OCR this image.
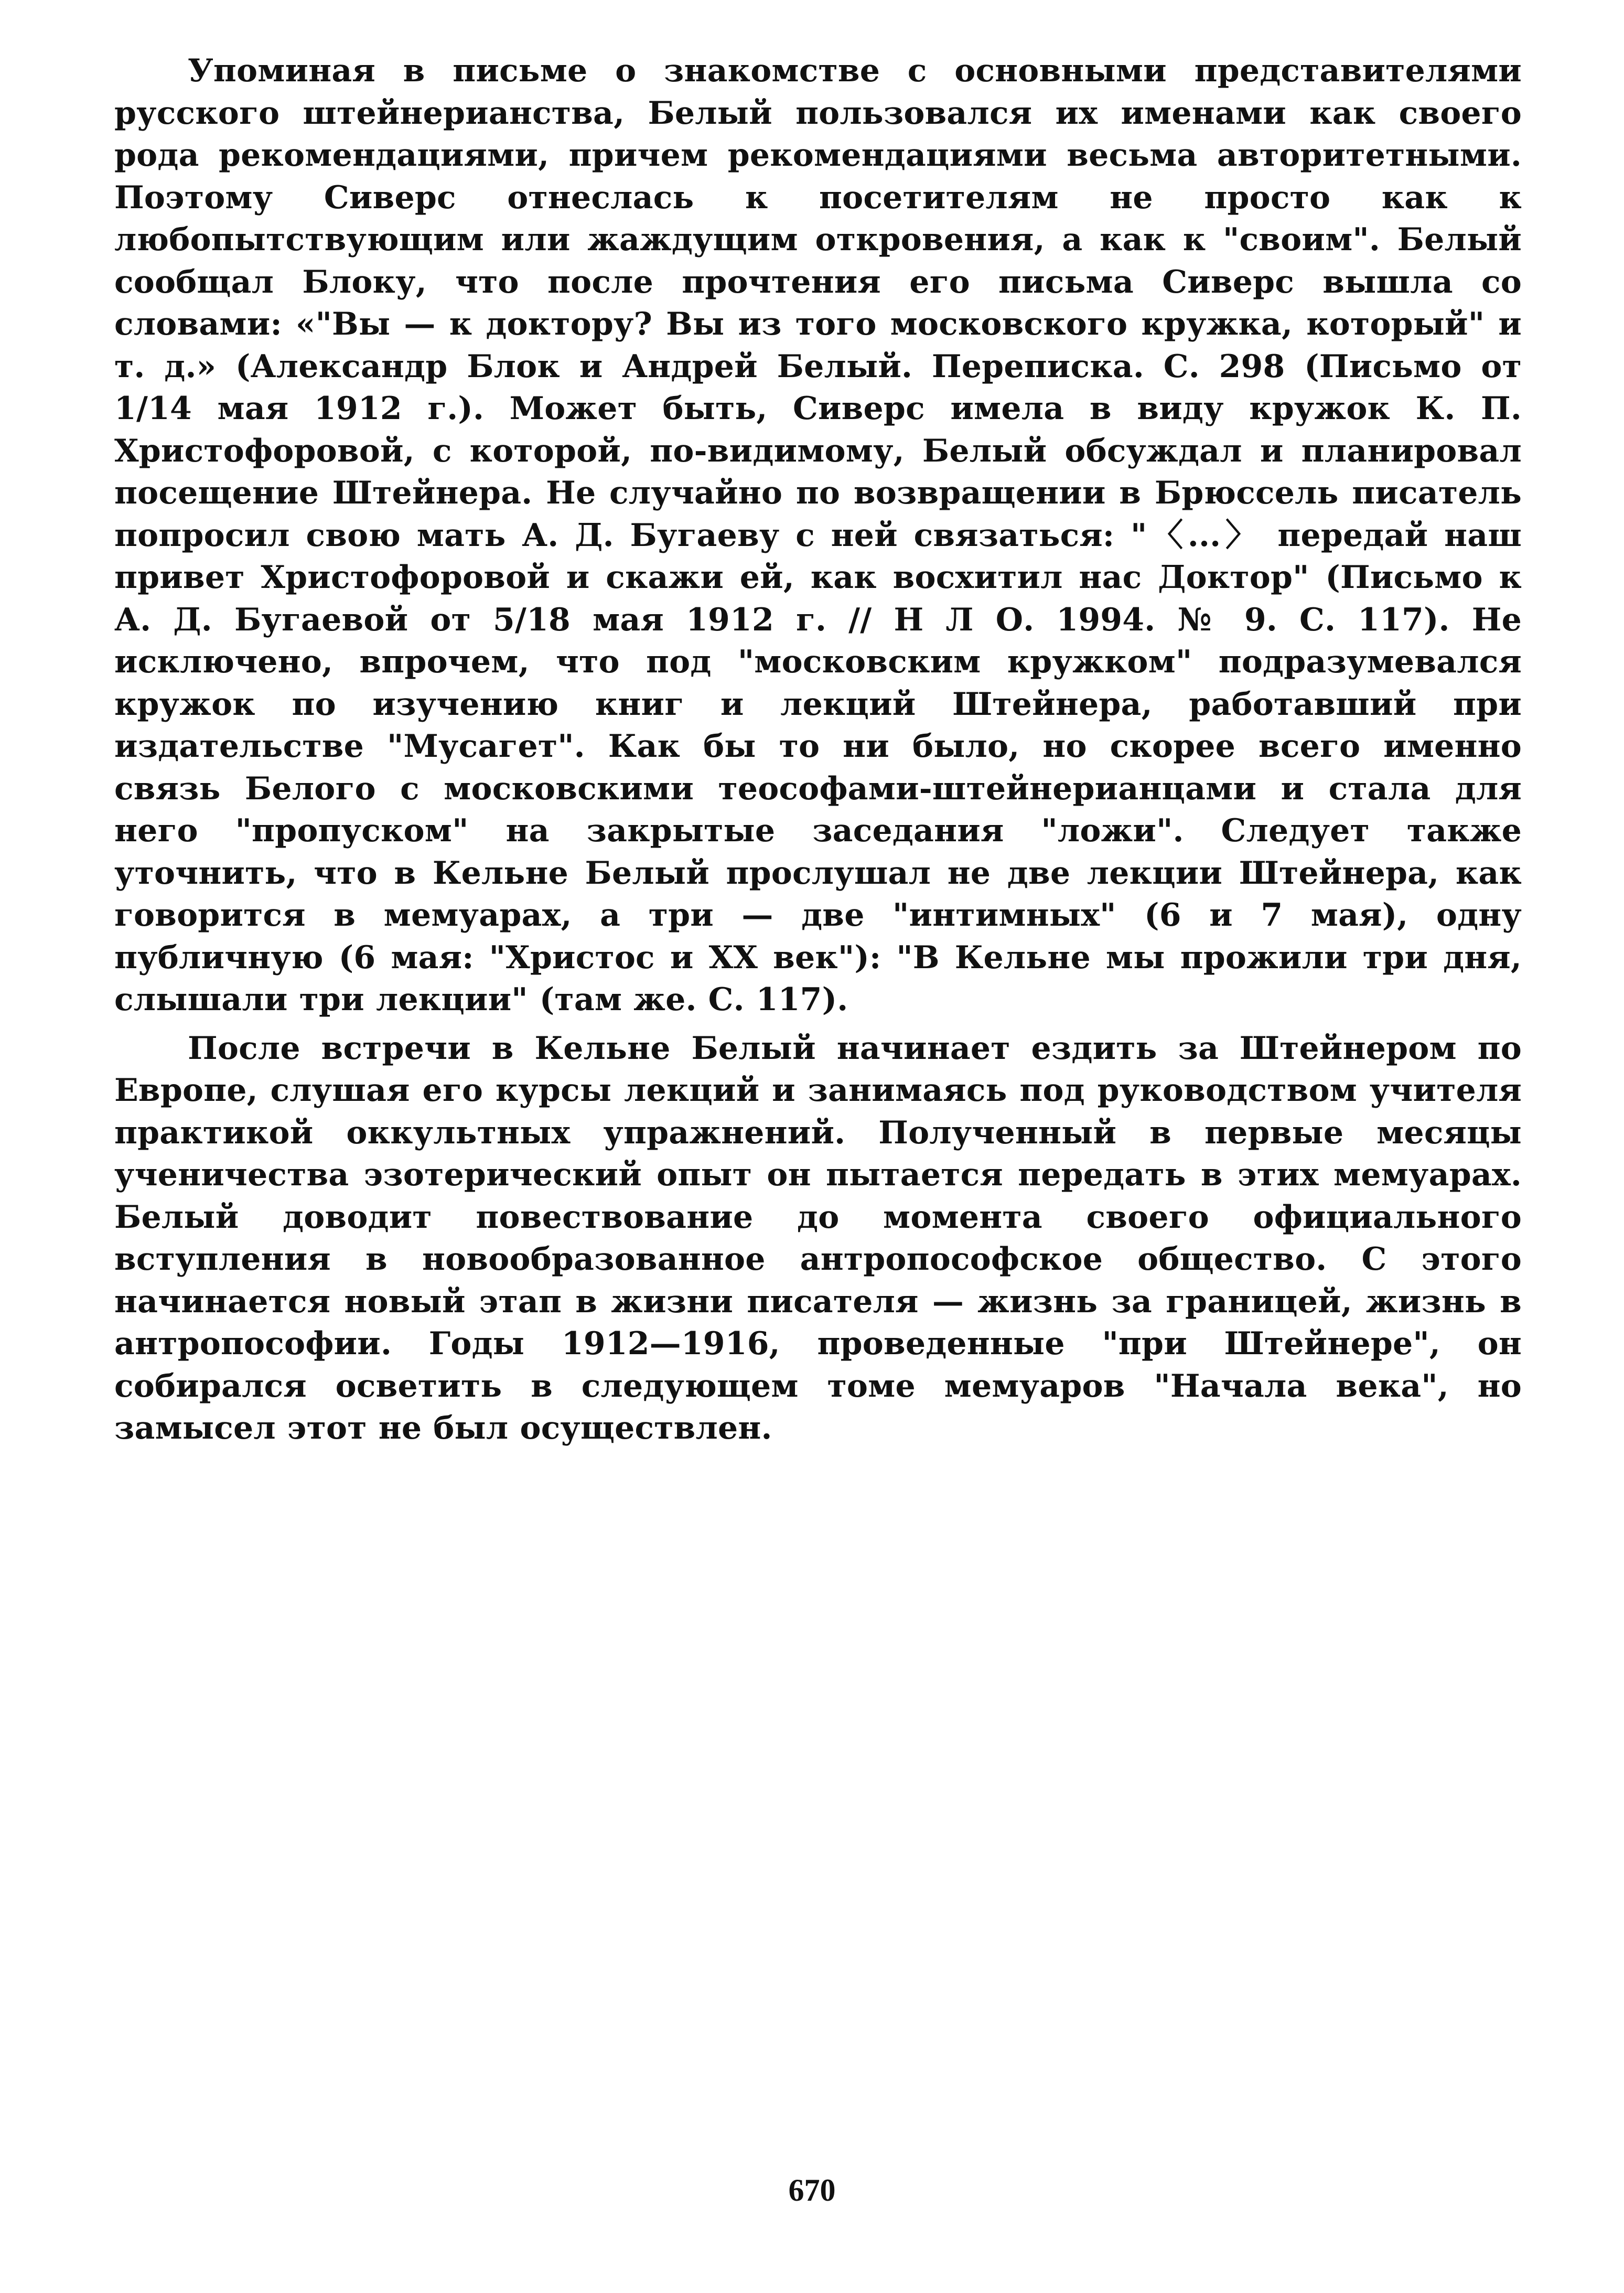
Упоминая в письме о знакомстве с основными представителями русского штейнерианства, Белый пользовался их именами как своего рода рекомендациями, причем рекомендациями весьма авторитетными. Поэтому Сиверс отнеслась к посетителям не просто как к любопытствующим или жаждущим откровения, а как к "своим". Белый сообщал Блоку, что после прочтения его письма Сиверс вышла со словами: «"Вы — к доктору? Вы из того московского кружка, который" и т. д.» (Александр Блок и Андрей Белый. Переписка. С. 298 (Письмо от 1/14 мая 1912 г.). Может быть, Сиверс имела в виду кружок К. П. Христофоровой, с которой, по-видимому, Белый обсуждал и планировал посещение Штейнера. Не случайно по возвращении в Брюссель писатель попросил свою мать А. Д. Бугаеву с ней связаться: "〈...〉 передай наш привет Христофоровой и скажи ей, как восхитил нас Доктор" (Письмо к А. Д. Бугаевой от 5/18 мая 1912 г. // Н Л О. 1994. № 9. С. 117). Не исключено, впрочем, что под "московским кружком" подразумевался кружок по изучению книг и лекций Штейнера, работавший при издательстве "Мусагет". Как бы то ни было, но скорее всего именно связь Белого с московскими теософами-штейнерианцами и стала для него "пропуском" на закрытые заседания "ложи". Следует также уточнить, что в Кельне Белый прослушал не две лекции Штейнера, как говорится в мемуарах, а три — две "интимных" (6 и 7 мая), одну публичную (6 мая: "Христос и XX век"): "В Кельне мы прожили три дня, слышали три лекции" (там же. С. 117).

После встречи в Кельне Белый начинает ездить за Штейнером по Европе, слушая его курсы лекций и занимаясь под руководством учителя практикой оккультных упражнений. Полученный в первые месяцы ученичества эзотерический опыт он пытается передать в этих мемуарах. Белый доводит повествование до момента своего официального вступления в новообразованное антропософское общество. С этого начинается новый этап в жизни писателя — жизнь за границей, жизнь в антропософии. Годы 1912—1916, проведенные "при Штейнере", он собирался осветить в следующем томе мемуаров "Начала века", но замысел этот не был осуществлен.

670
